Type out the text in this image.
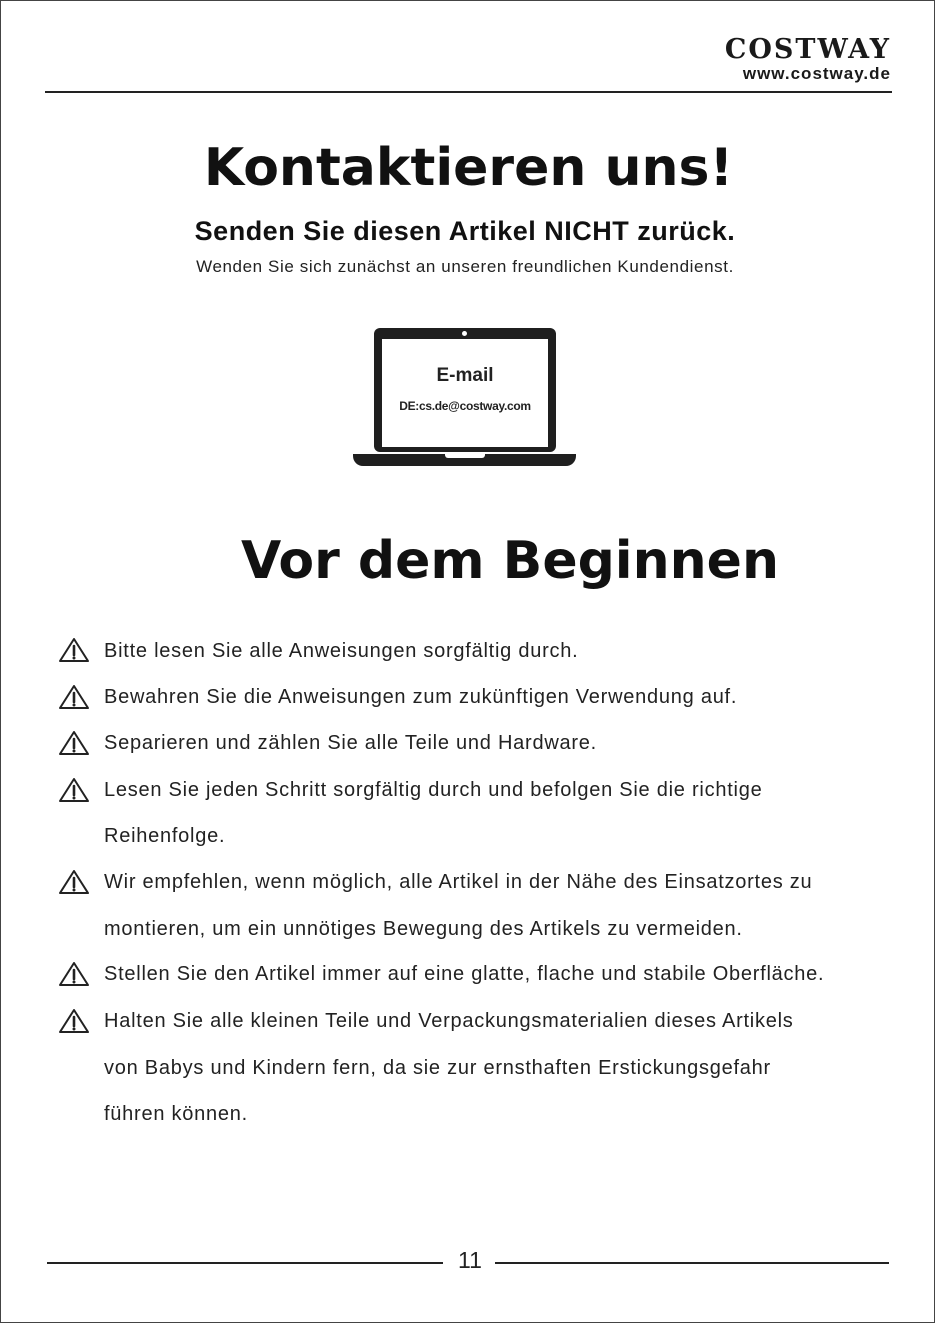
COSTWAY
www.costway.de
Kontaktieren uns!
Senden Sie diesen Artikel NICHT zurück.
Wenden Sie sich zunächst an unseren freundlichen Kundendienst.
E-mail
DE:cs.de@costway.com
Vor dem Beginnen
Bitte lesen Sie alle Anweisungen sorgfältig durch.
Bewahren Sie die Anweisungen zum zukünftigen Verwendung auf.
Separieren und zählen Sie alle Teile und Hardware.
Lesen Sie jeden Schritt sorgfältig durch und befolgen Sie die richtige
Reihenfolge.
Wir empfehlen, wenn möglich, alle Artikel in der Nähe des Einsatzortes zu
montieren, um ein unnötiges Bewegung des Artikels zu vermeiden.
Stellen Sie den Artikel immer auf eine glatte, flache und stabile Oberfläche.
Halten Sie alle kleinen Teile und Verpackungsmaterialien dieses Artikels
von Babys und Kindern fern, da sie zur ernsthaften Erstickungsgefahr
führen können.
11
